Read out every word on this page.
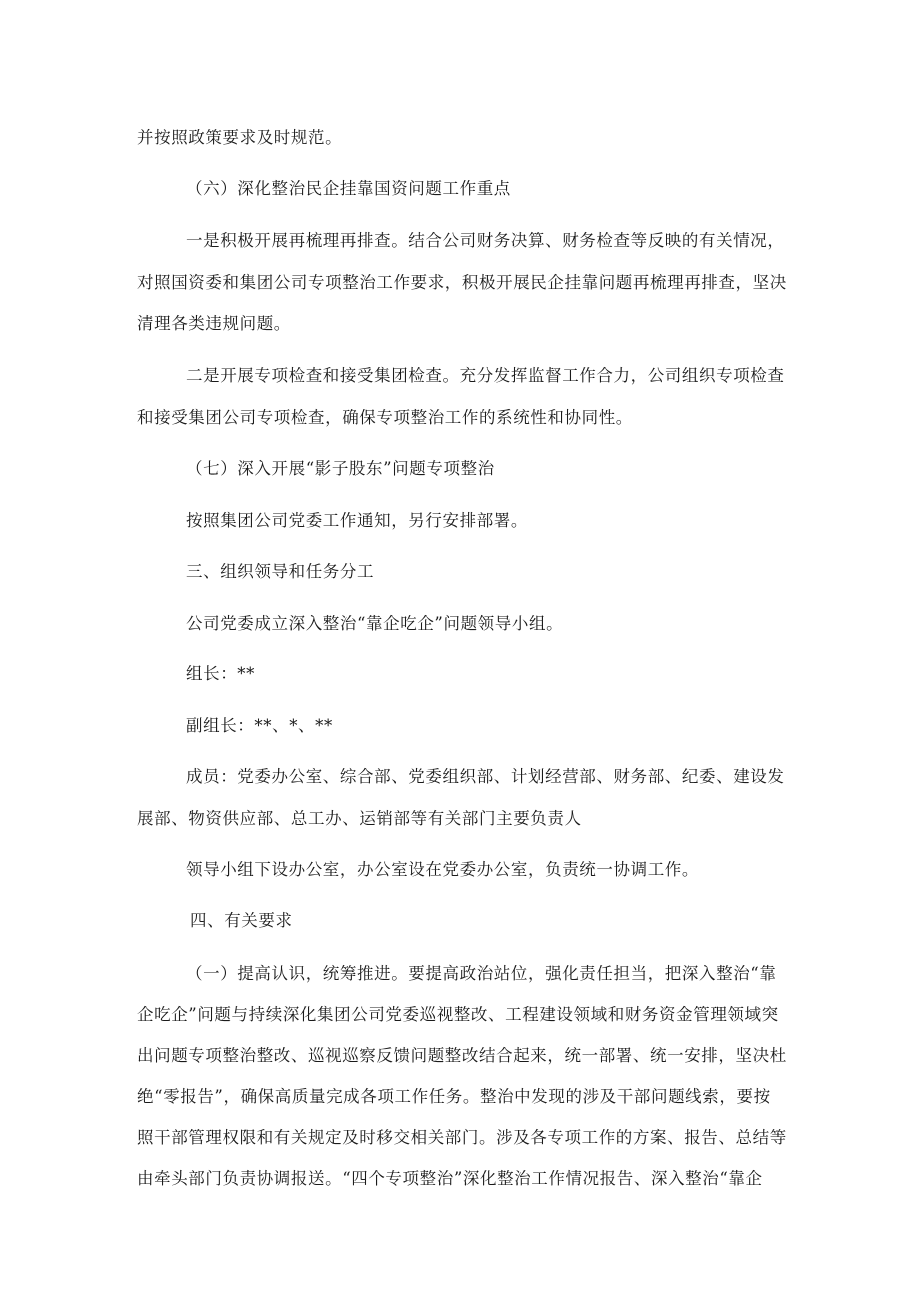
并按照政策要求及时规范。
（六）深化整治民企挂靠国资问题工作重点
一是积极开展再梳理再排查。结合公司财务决算、财务检查等反映的有关情况，
对照国资委和集团公司专项整治工作要求，积极开展民企挂靠问题再梳理再排查，坚决
清理各类违规问题。
二是开展专项检查和接受集团检查。充分发挥监督工作合力，公司组织专项检查
和接受集团公司专项检查，确保专项整治工作的系统性和协同性。
（七）深入开展“影子股东”问题专项整治
按照集团公司党委工作通知，另行安排部署。
三、组织领导和任务分工
公司党委成立深入整治“靠企吃企”问题领导小组。
组长：**
副组长：**、*、**
成员：党委办公室、综合部、党委组织部、计划经营部、财务部、纪委、建设发
展部、物资供应部、总工办、运销部等有关部门主要负责人
领导小组下设办公室，办公室设在党委办公室，负责统一协调工作。
四、有关要求
（一）提高认识，统筹推进。要提高政治站位，强化责任担当，把深入整治“靠
企吃企”问题与持续深化集团公司党委巡视整改、工程建设领域和财务资金管理领域突
出问题专项整治整改、巡视巡察反馈问题整改结合起来，统一部署、统一安排，坚决杜
绝“零报告”，确保高质量完成各项工作任务。整治中发现的涉及干部问题线索，要按
照干部管理权限和有关规定及时移交相关部门。涉及各专项工作的方案、报告、总结等
由牵头部门负责协调报送。“四个专项整治”深化整治工作情况报告、深入整治“靠企
